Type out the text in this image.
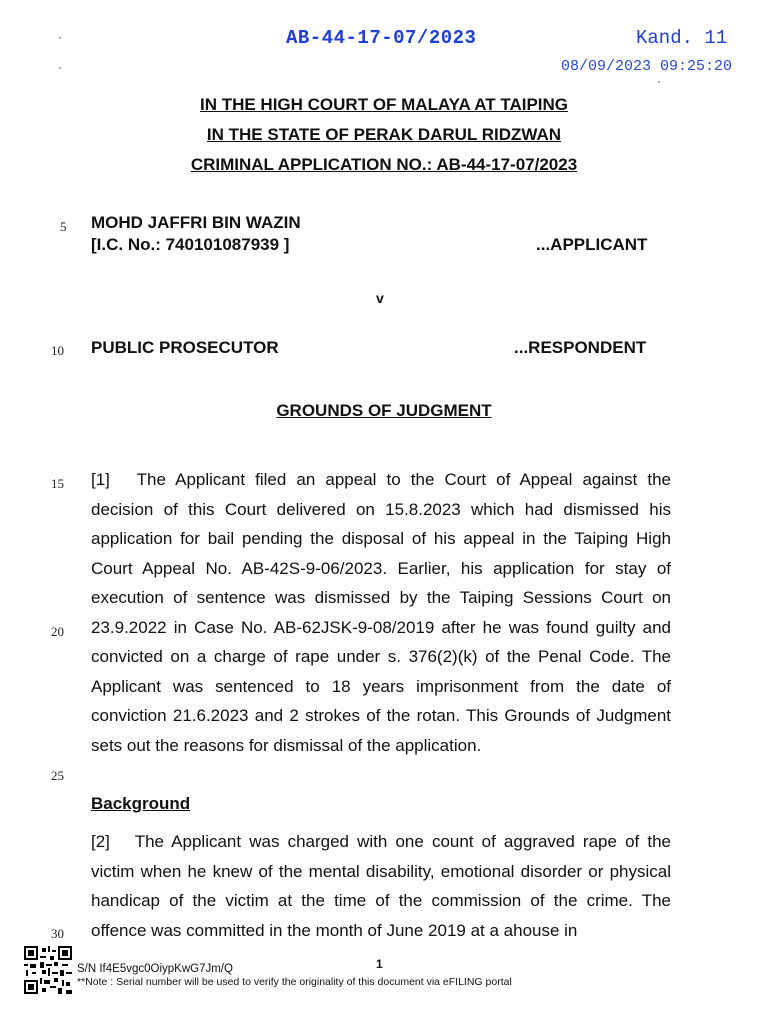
·
·
AB-44-17-07/2023	Kand. 11
08/09/2023 09:25:20
·
IN THE HIGH COURT OF MALAYA AT TAIPING
IN THE STATE OF PERAK DARUL RIDZWAN
CRIMINAL APPLICATION NO.: AB-44-17-07/2023
5 MOHD JAFFRI BIN WAZIN
[I.C. No.: 740101087939 ]	...APPLICANT
v
10 PUBLIC PROSECUTOR	...RESPONDENT
GROUNDS OF JUDGMENT
15
20

[1]  The Applicant filed an appeal to the Court of Appeal against the decision of this Court delivered on 15.8.2023 which had dismissed his application for bail pending the disposal of his appeal in the Taiping High Court Appeal No. AB-42S-9-06/2023. Earlier, his application for stay of execution of sentence was dismissed by the Taiping Sessions Court on 23.9.2022 in Case No. AB-62JSK-9-08/2019 after he was found guilty and convicted on a charge of rape under s. 376(2)(k) of the Penal Code. The Applicant was sentenced to 18 years imprisonment from the date of conviction 21.6.2023 and 2 strokes of the rotan. This Grounds of Judgment sets out the reasons for dismissal of the application.

25
Background
30

[2]  The Applicant was charged with one count of aggraved rape of the victim when he knew of the mental disability, emotional disorder or physical handicap of the victim at the time of the commission of the crime. The offence was committed in the month of June 2019 at a ahouse in

1
S/N If4E5vgc0OiypKwG7Jm/Q
**Note : Serial number will be used to verify the originality of this document via eFILING portal
